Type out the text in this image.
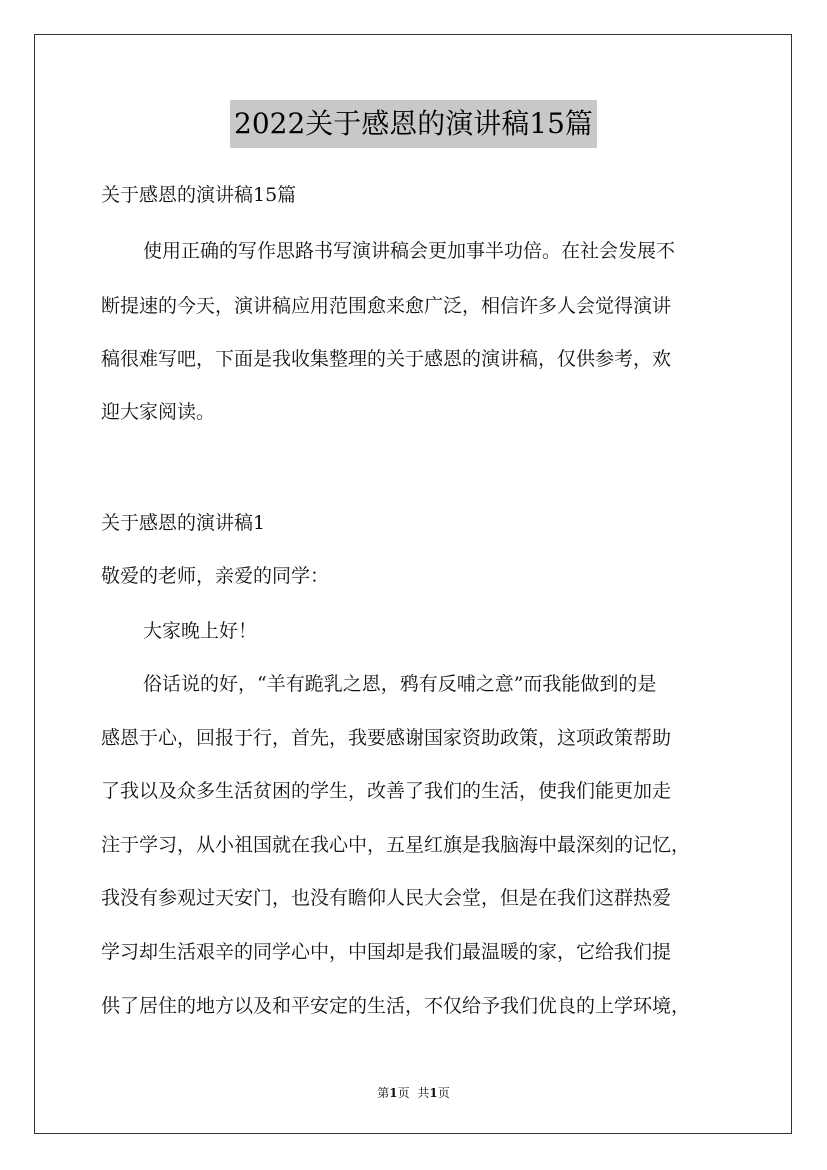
2022关于感恩的演讲稿15篇
关于感恩的演讲稿15篇
使用正确的写作思路书写演讲稿会更加事半功倍。在社会发展不
断提速的今天，演讲稿应用范围愈来愈广泛，相信许多人会觉得演讲
稿很难写吧，下面是我收集整理的关于感恩的演讲稿，仅供参考，欢
迎大家阅读。
关于感恩的演讲稿1
敬爱的老师，亲爱的同学：
大家晚上好！
俗话说的好，“羊有跪乳之恩，鸦有反哺之意”而我能做到的是
感恩于心，回报于行，首先，我要感谢国家资助政策，这项政策帮助
了我以及众多生活贫困的学生，改善了我们的生活，使我们能更加走
注于学习，从小祖国就在我心中，五星红旗是我脑海中最深刻的记忆，
我没有参观过天安门，也没有瞻仰人民大会堂，但是在我们这群热爱
学习却生活艰辛的同学心中，中国却是我们最温暖的家，它给我们提
供了居住的地方以及和平安定的生活，不仅给予我们优良的上学环境，
第1页 共1页
